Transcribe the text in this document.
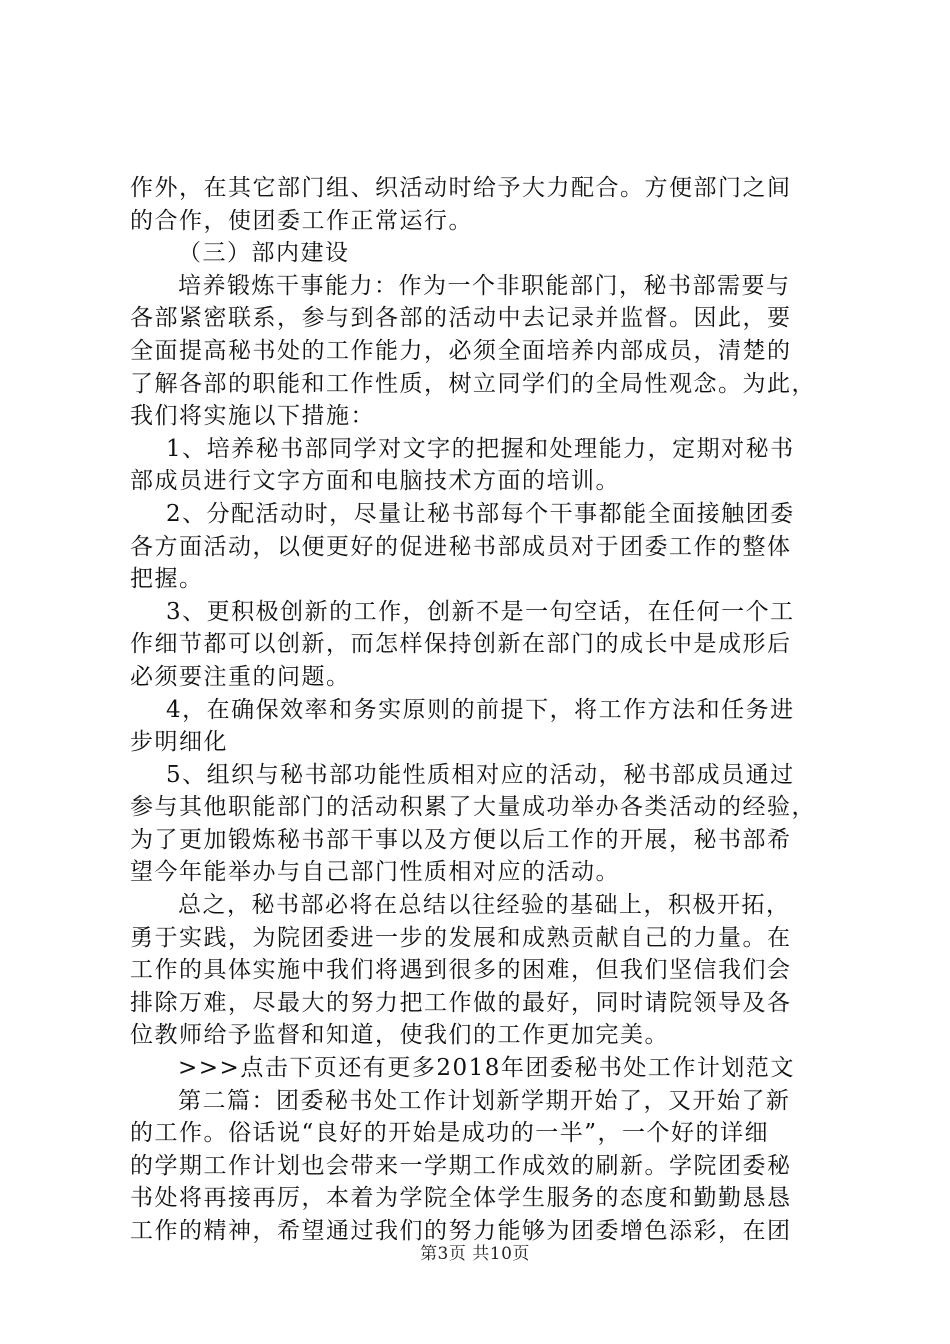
作外，在其它部门组、织活动时给予大力配合。方便部门之间
的合作，使团委工作正常运行。
（三）部内建设
培养锻炼干事能力：作为一个非职能部门，秘书部需要与
各部紧密联系，参与到各部的活动中去记录并监督。因此，要
全面提高秘书处的工作能力，必须全面培养内部成员，清楚的
了解各部的职能和工作性质，树立同学们的全局性观念。为此，
我们将实施以下措施：
1、培养秘书部同学对文字的把握和处理能力，定期对秘书
部成员进行文字方面和电脑技术方面的培训。
2、分配活动时，尽量让秘书部每个干事都能全面接触团委
各方面活动，以便更好的促进秘书部成员对于团委工作的整体
把握。
3、更积极创新的工作，创新不是一句空话，在任何一个工
作细节都可以创新，而怎样保持创新在部门的成长中是成形后
必须要注重的问题。
4，在确保效率和务实原则的前提下，将工作方法和任务进
步明细化
5、组织与秘书部功能性质相对应的活动，秘书部成员通过
参与其他职能部门的活动积累了大量成功举办各类活动的经验，
为了更加锻炼秘书部干事以及方便以后工作的开展，秘书部希
望今年能举办与自己部门性质相对应的活动。
总之，秘书部必将在总结以往经验的基础上，积极开拓，
勇于实践，为院团委进一步的发展和成熟贡献自己的力量。在
工作的具体实施中我们将遇到很多的困难，但我们坚信我们会
排除万难，尽最大的努力把工作做的最好，同时请院领导及各
位教师给予监督和知道，使我们的工作更加完美。
>>>点击下页还有更多2018年团委秘书处工作计划范文
第二篇：团委秘书处工作计划新学期开始了，又开始了新
的工作。俗话说“良好的开始是成功的一半”，一个好的详细
的学期工作计划也会带来一学期工作成效的刷新。学院团委秘
书处将再接再厉，本着为学院全体学生服务的态度和勤勤恳恳
工作的精神，希望通过我们的努力能够为团委增色添彩，在团
第3页 共10页
